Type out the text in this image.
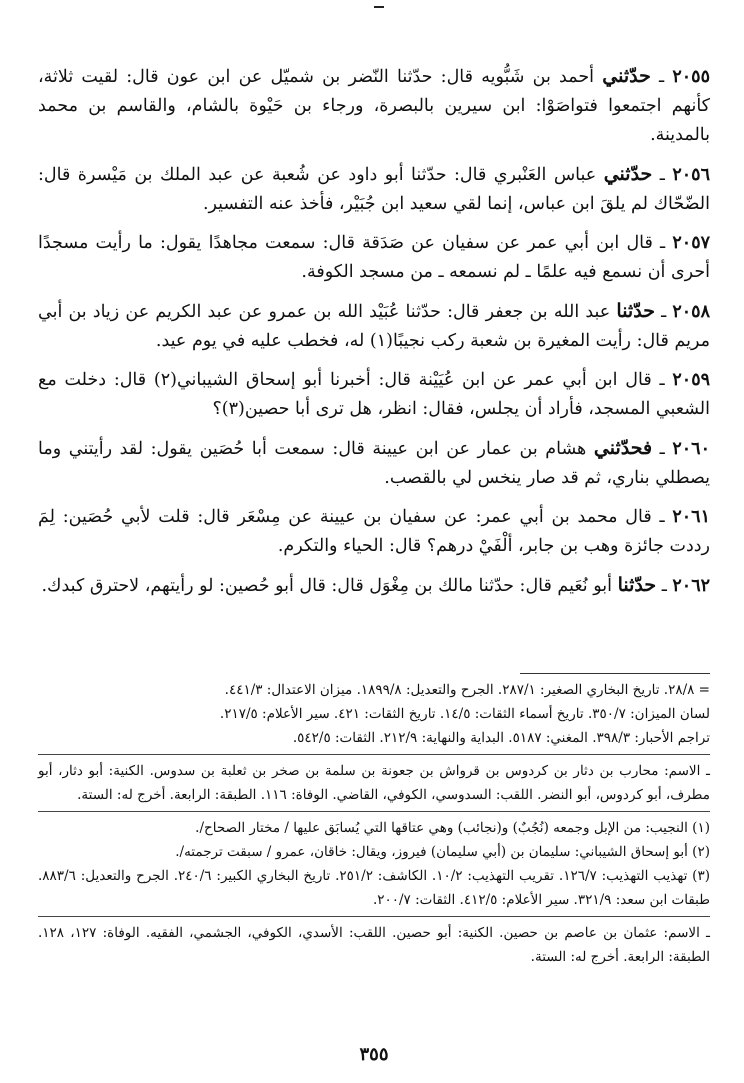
٢٠٥٥ ـ حدّثني أحمد بن شَبُّويه قال: حدّثنا النّضر بن شميّل عن ابن عون قال: لقيت ثلاثة، كأنهم اجتمعوا فتواصَوْا: ابن سيرين بالبصرة، ورجاء بن حَيْوة بالشام، والقاسم بن محمد بالمدينة.

٢٠٥٦ ـ حدّثني عباس العَنْبري قال: حدّثنا أبو داود عن شُعبة عن عبد الملك بن مَيْسرة قال: الضّحّاك لم يلقَ ابن عباس، إنما لقي سعيد ابن جُبَيْر، فأخذ عنه التفسير.

٢٠٥٧ ـ قال ابن أبي عمر عن سفيان عن صَدَقة قال: سمعت مجاهدًا يقول: ما رأيت مسجدًا أحرى أن نسمع فيه علمًا ـ لم نسمعه ـ من مسجد الكوفة.

٢٠٥٨ ـ حدّثنا عبد الله بن جعفر قال: حدّثنا عُبَيْد الله بن عمرو عن عبد الكريم عن زياد بن أبي مريم قال: رأيت المغيرة بن شعبة ركب نجيبًا(١) له، فخطب عليه في يوم عيد.

٢٠٥٩ ـ قال ابن أبي عمر عن ابن عُيَيْنة قال: أخبرنا أبو إسحاق الشيباني(٢) قال: دخلت مع الشعبي المسجد، فأراد أن يجلس، فقال: انظر، هل ترى أبا حصين(٣)؟

٢٠٦٠ ـ فحدّثني هشام بن عمار عن ابن عيينة قال: سمعت أبا حُصَين يقول: لقد رأيتني وما يصطلي بناري، ثم قد صار ينخس لي بالقصب.

٢٠٦١ ـ قال محمد بن أبي عمر: عن سفيان بن عيينة عن مِسْعَر قال: قلت لأبي حُصَين: لِمَ رددت جائزة وهب بن جابر، ألْفَيْ درهم؟ قال: الحياء والتكرم.

٢٠٦٢ ـ حدّثنا أبو نُعَيم قال: حدّثنا مالك بن مِغْوَل قال: قال أبو حُصين: لو رأيتهم، لاحترق كبدك.

= ٢٨/٨. تاريخ البخاري الصغير: ٢٨٧/١. الجرح والتعديل: ١٨٩٩/٨. ميزان الاعتدال: ٤٤١/٣.

لسان الميزان: ٣٥٠/٧. تاريخ أسماء الثقات: ١٤/٥. تاريخ الثقات: ٤٢١. سير الأعلام: ٢١٧/٥.

تراجم الأحبار: ٣٩٨/٣. المغني: ٥١٨٧. البداية والنهاية: ٢١٢/٩. الثقات: ٥٤٢/٥.

ـ الاسم: محارب بن دثار بن كردوس بن قرواش بن جعونة بن سلمة بن صخر بن ثعلبة بن سدوس. الكنية: أبو دثار، أبو مطرف، أبو كردوس، أبو النضر. اللقب: السدوسي، الكوفي، القاضي. الوفاة: ١١٦. الطبقة: الرابعة. أخرج له: الستة.

(١) النجيب: من الإبل وجمعه (نُجُبٌ) و(نجائب) وهي عتاقها التي يُسابَق عليها / مختار الصحاح/.

(٢) أبو إسحاق الشيباني: سليمان بن (أبي سليمان) فيروز، ويقال: خاقان، عمرو / سبقت ترجمته/.

(٣) تهذيب التهذيب: ١٢٦/٧. تقريب التهذيب: ١٠/٢. الكاشف: ٢٥١/٢. تاريخ البخاري الكبير: ٢٤٠/٦. الجرح والتعديل: ٨٨٣/٦. طبقات ابن سعد: ٣٢١/٩. سير الأعلام: ٤١٢/٥. الثقات: ٢٠٠/٧.

ـ الاسم: عثمان بن عاصم بن حصين. الكنية: أبو حصين. اللقب: الأسدي، الكوفي، الجشمي، الفقيه. الوفاة: ١٢٧، ١٢٨. الطبقة: الرابعة. أخرج له: الستة.

٣٥٥
